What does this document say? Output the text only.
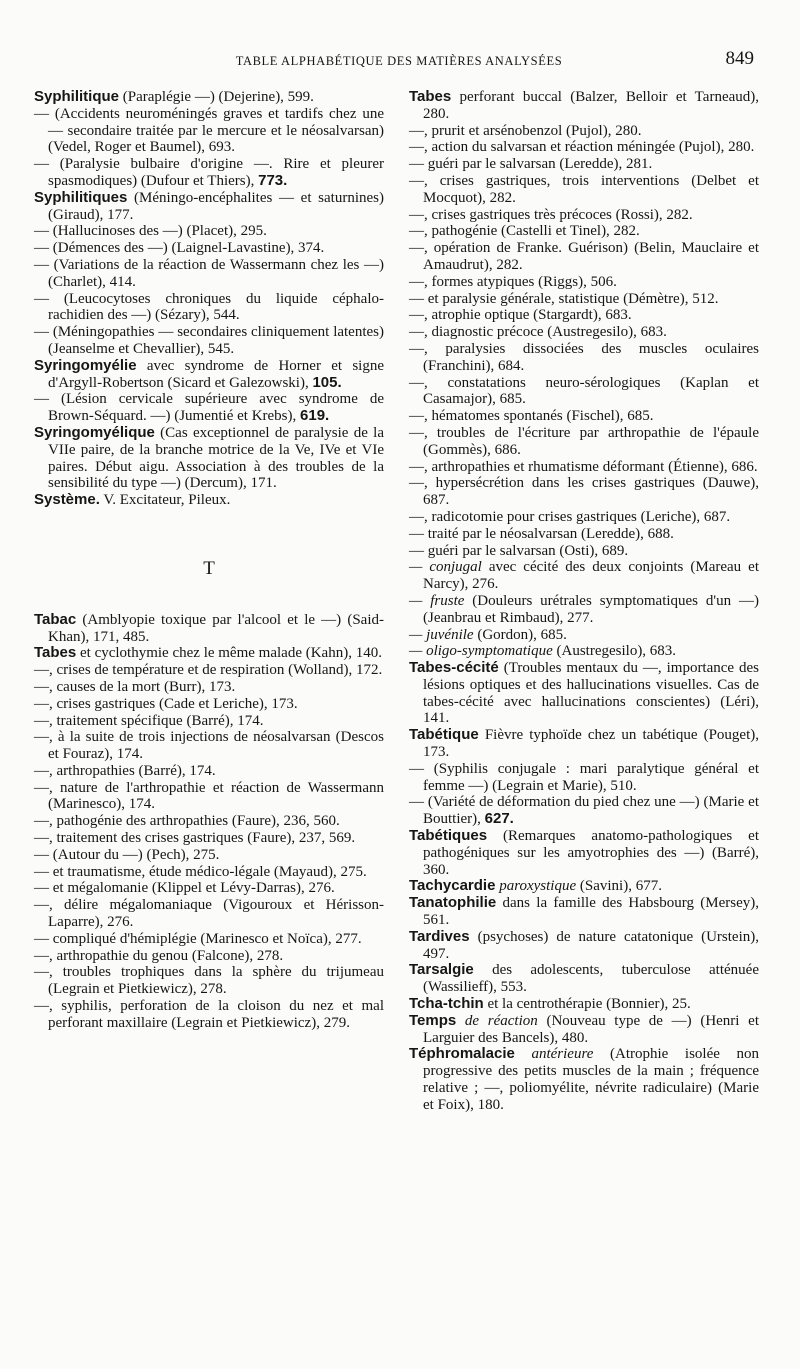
TABLE ALPHABÉTIQUE DES MATIÈRES ANALYSÉES	849

Syphilitique (Paraplégie —) (Dejerine), 599.

— (Accidents neuroméningés graves et tardifs chez une — secondaire traitée par le mercure et le néosalvarsan) (Vedel, Roger et Baumel), 693.

— (Paralysie bulbaire d'origine —. Rire et pleurer spasmodiques) (Dufour et Thiers), 773.

Syphilitiques (Méningo-encéphalites — et saturnines) (Giraud), 177.

— (Hallucinoses des —) (Placet), 295.

— (Démences des —) (Laignel-Lavastine), 374.

— (Variations de la réaction de Wassermann chez les —) (Charlet), 414.

— (Leucocytoses chroniques du liquide céphalo-rachidien des —) (Sézary), 544.

— (Méningopathies — secondaires cliniquement latentes) (Jeanselme et Chevallier), 545.

Syringomyélie avec syndrome de Horner et signe d'Argyll-Robertson (Sicard et Galezowski), 105.

— (Lésion cervicale supérieure avec syndrome de Brown-Séquard. —) (Jumentié et Krebs), 619.

Syringomyélique (Cas exceptionnel de paralysie de la VIIe paire, de la branche motrice de la Ve, IVe et VIe paires. Début aigu. Association à des troubles de la sensibilité du type —) (Dercum), 171.

Système. V. Excitateur, Pileux.

T

Tabac (Amblyopie toxique par l'alcool et le —) (Said-Khan), 171, 485.

Tabes et cyclothymie chez le même malade (Kahn), 140.

—, crises de température et de respiration (Wolland), 172.

—, causes de la mort (Burr), 173.

—, crises gastriques (Cade et Leriche), 173.

—, traitement spécifique (Barré), 174.

—, à la suite de trois injections de néosalvarsan (Descos et Fouraz), 174.

—, arthropathies (Barré), 174.

—, nature de l'arthropathie et réaction de Wassermann (Marinesco), 174.

—, pathogénie des arthropathies (Faure), 236, 560.

—, traitement des crises gastriques (Faure), 237, 569.

— (Autour du —) (Pech), 275.

— et traumatisme, étude médico-légale (Mayaud), 275.

— et mégalomanie (Klippel et Lévy-Darras), 276.

—, délire mégalomaniaque (Vigouroux et Hérisson-Laparre), 276.

— compliqué d'hémiplégie (Marinesco et Noïca), 277.

—, arthropathie du genou (Falcone), 278.

—, troubles trophiques dans la sphère du trijumeau (Legrain et Pietkiewicz), 278.

—, syphilis, perforation de la cloison du nez et mal perforant maxillaire (Legrain et Pietkiewicz), 279.

Tabes perforant buccal (Balzer, Belloir et Tarneaud), 280.

—, prurit et arsénobenzol (Pujol), 280.

—, action du salvarsan et réaction méningée (Pujol), 280.

— guéri par le salvarsan (Leredde), 281.

—, crises gastriques, trois interventions (Delbet et Mocquot), 282.

—, crises gastriques très précoces (Rossi), 282.

—, pathogénie (Castelli et Tinel), 282.

—, opération de Franke. Guérison) (Belin, Mauclaire et Amaudrut), 282.

—, formes atypiques (Riggs), 506.

— et paralysie générale, statistique (Démètre), 512.

—, atrophie optique (Stargardt), 683.

—, diagnostic précoce (Austregesilo), 683.

—, paralysies dissociées des muscles oculaires (Franchini), 684.

—, constatations neuro-sérologiques (Kaplan et Casamajor), 685.

—, hématomes spontanés (Fischel), 685.

—, troubles de l'écriture par arthropathie de l'épaule (Gommès), 686.

—, arthropathies et rhumatisme déformant (Étienne), 686.

—, hypersécrétion dans les crises gastriques (Dauwe), 687.

—, radicotomie pour crises gastriques (Leriche), 687.

— traité par le néosalvarsan (Leredde), 688.

— guéri par le salvarsan (Osti), 689.

— conjugal avec cécité des deux conjoints (Mareau et Narcy), 276.

— fruste (Douleurs urétrales symptomatiques d'un —) (Jeanbrau et Rimbaud), 277.

— juvénile (Gordon), 685.

— oligo-symptomatique (Austregesilo), 683.

Tabes-cécité (Troubles mentaux du —, importance des lésions optiques et des hallucinations visuelles. Cas de tabes-cécité avec hallucinations conscientes) (Léri), 141.

Tabétique Fièvre typhoïde chez un tabétique (Pouget), 173.

— (Syphilis conjugale : mari paralytique général et femme —) (Legrain et Marie), 510.

— (Variété de déformation du pied chez une —) (Marie et Bouttier), 627.

Tabétiques (Remarques anatomo-pathologiques et pathogéniques sur les amyotrophies des —) (Barré), 360.

Tachycardie paroxystique (Savini), 677.

Tanatophilie dans la famille des Habsbourg (Mersey), 561.

Tardives (psychoses) de nature catatonique (Urstein), 497.

Tarsalgie des adolescents, tuberculose atténuée (Wassilieff), 553.

Tcha-tchin et la centrothérapie (Bonnier), 25.

Temps de réaction (Nouveau type de —) (Henri et Larguier des Bancels), 480.

Téphromalacie antérieure (Atrophie isolée non progressive des petits muscles de la main ; fréquence relative ; —, poliomyélite, névrite radiculaire) (Marie et Foix), 180.
